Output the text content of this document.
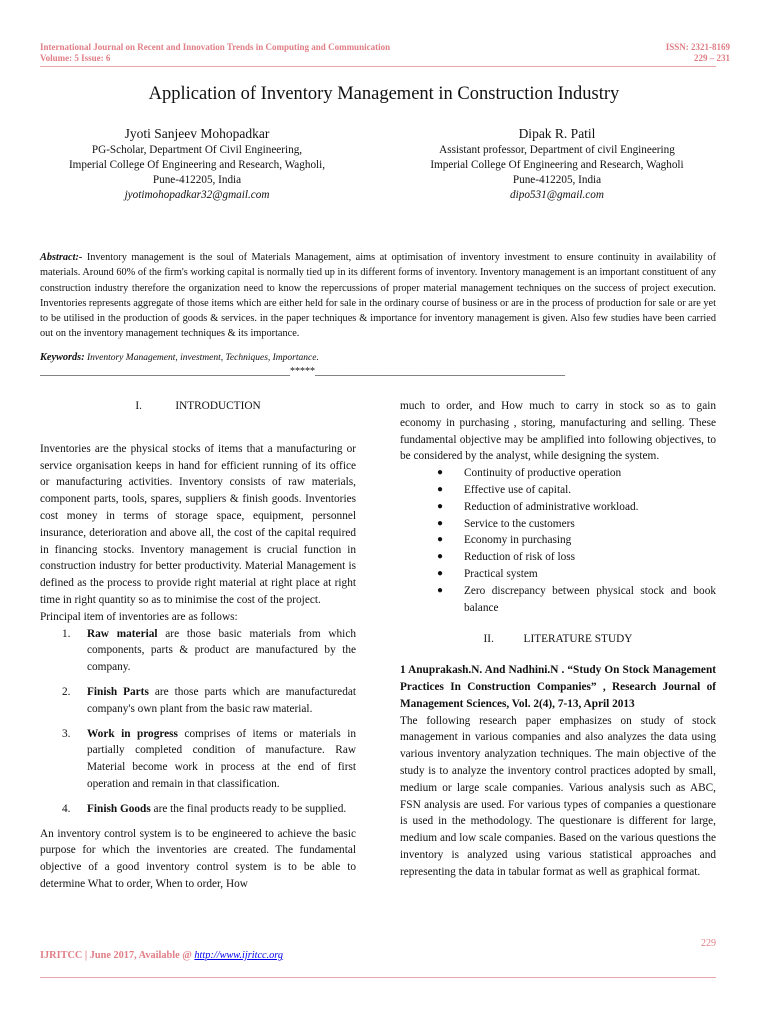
International Journal on Recent and Innovation Trends in Computing and Communication
Volume: 5 Issue: 6
ISSN: 2321-8169
229 – 231
Application of Inventory Management in Construction Industry
Jyoti Sanjeev Mohopadkar
PG-Scholar, Department Of Civil Engineering,
Imperial College Of Engineering and Research, Wagholi,
Pune-412205, India
jyotimohopadkar32@gmail.com
Dipak R. Patil
Assistant professor, Department of civil Engineering
Imperial College Of Engineering and Research, Wagholi
Pune-412205, India
dipo531@gmail.com
Abstract:- Inventory management is the soul of Materials Management, aims at optimisation of inventory investment to ensure continuity in availability of materials. Around 60% of the firm's working capital is normally tied up in its different forms of inventory. Inventory management is an important constituent of any construction industry therefore the organization need to know the repercussions of proper material management techniques on the success of project execution. Inventories represents aggregate of those items which are either held for sale in the ordinary course of business or are in the process of production for sale or are yet to be utilised in the production of goods & services. in the paper techniques & importance for inventory management is given. Also few studies have been carried out on the inventory management techniques & its importance.
Keywords: Inventory Management, investment, Techniques, Importance.
__________________________________________________*****__________________________________________________

I.	INTRODUCTION

Inventories are the physical stocks of items that a manufacturing or service organisation keeps in hand for efficient running of its office or manufacturing activities. Inventory consists of raw materials, component parts, tools, spares, suppliers & finish goods. Inventories cost money in terms of storage space, equipment, personnel insurance, deterioration and above all, the cost of the capital required in financing stocks. Inventory management is crucial function in construction industry for better productivity. Material Management is defined as the process to provide right material at right place at right time in right quantity so as to minimise the cost of the project.

Principal item of inventories are as follows:

1. Raw material are those basic materials from which components, parts & product are manufactured by the company.
2. Finish Parts are those parts which are manufacturedat company's own plant from the basic raw material.
3. Work in progress comprises of items or materials in partially completed condition of manufacture. Raw Material become work in process at the end of first operation and remain in that classification.
4. Finish Goods are the final products ready to be supplied.

An inventory control system is to be engineered to achieve the basic purpose for which the inventories are created. The fundamental objective of a good inventory control system is to be able to determine What to order, When to order, How

much to order, and How much to carry in stock so as to gain economy in purchasing , storing, manufacturing and selling. These fundamental objective may be amplified into following objectives, to be considered by the analyst, while designing the system.

● Continuity of productive operation
● Effective use of capital.
● Reduction of administrative workload.
● Service to the customers
● Economy in purchasing
● Reduction of risk of loss
● Practical system
● Zero discrepancy between physical stock and book balance

II.	LITERATURE STUDY

1 Anuprakash.N. And Nadhini.N . “Study On Stock Management Practices In Construction Companies” , Research Journal of Management Sciences, Vol. 2(4), 7-13, April 2013

The following research paper emphasizes on study of stock management in various companies and also analyzes the data using various inventory analyzation techniques. The main objective of the study is to analyze the inventory control practices adopted by small, medium or large scale companies. Various analysis such as ABC, FSN analysis are used. For various types of companies a questionare is used in the methodology. The questionare is different for large, medium and low scale companies. Based on the various questions the inventory is analyzed using various statistical approaches and representing the data in tabular format as well as graphical format.

229
IJRITCC | June 2017, Available @ http://www.ijritcc.org
